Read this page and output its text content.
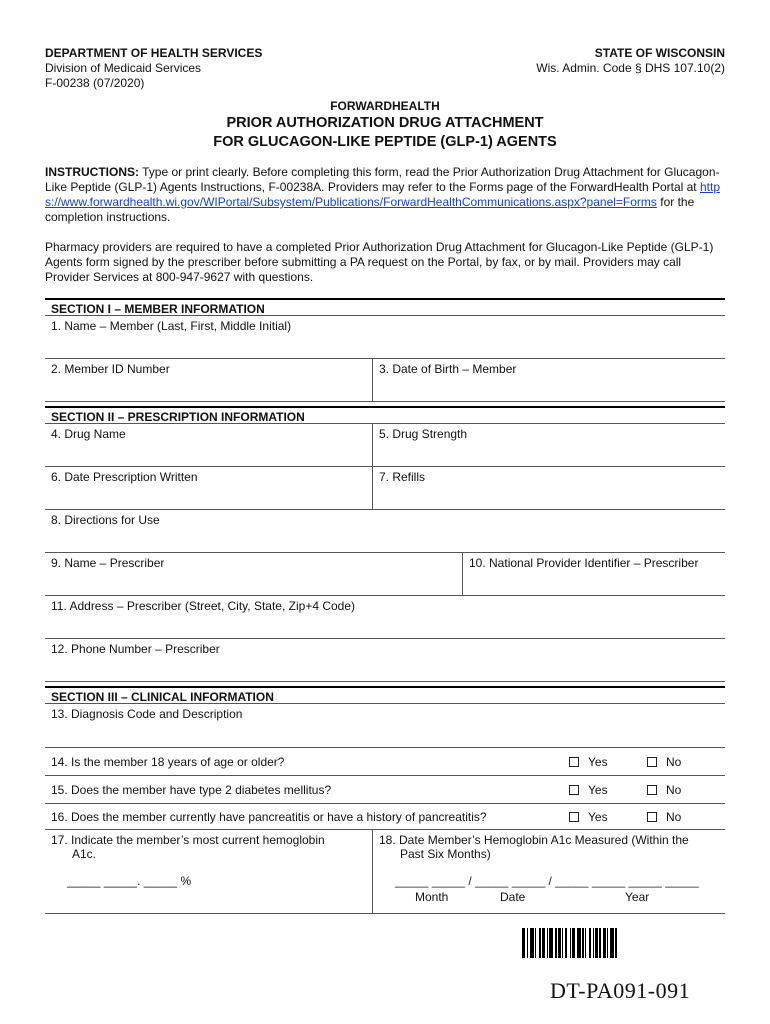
DEPARTMENT OF HEALTH SERVICES
Division of Medicaid Services
F-00238 (07/2020)
STATE OF WISCONSIN
Wis. Admin. Code § DHS 107.10(2)
FORWARDHEALTH
PRIOR AUTHORIZATION DRUG ATTACHMENT
FOR GLUCAGON-LIKE PEPTIDE (GLP-1) AGENTS
INSTRUCTIONS: Type or print clearly. Before completing this form, read the Prior Authorization Drug Attachment for Glucagon-Like Peptide (GLP-1) Agents Instructions, F-00238A. Providers may refer to the Forms page of the ForwardHealth Portal at https://www.forwardhealth.wi.gov/WIPortal/Subsystem/Publications/ForwardHealthCommunications.aspx?panel=Forms for the completion instructions.
Pharmacy providers are required to have a completed Prior Authorization Drug Attachment for Glucagon-Like Peptide (GLP-1) Agents form signed by the prescriber before submitting a PA request on the Portal, by fax, or by mail. Providers may call Provider Services at 800-947-9627 with questions.
SECTION I – MEMBER INFORMATION
1. Name – Member (Last, First, Middle Initial)
2. Member ID Number	3. Date of Birth – Member
SECTION II – PRESCRIPTION INFORMATION
4. Drug Name	5. Drug Strength
6. Date Prescription Written	7. Refills
8. Directions for Use
9. Name – Prescriber	10. National Provider Identifier – Prescriber
11. Address – Prescriber (Street, City, State, Zip+4 Code)
12. Phone Number – Prescriber
SECTION III – CLINICAL INFORMATION
13. Diagnosis Code and Description
14. Is the member 18 years of age or older?	Yes	No
15. Does the member have type 2 diabetes mellitus?	Yes	No
16. Does the member currently have pancreatitis or have a history of pancreatitis?	Yes	No
17. Indicate the member’s most current hemoglobin
A1c.
_____ _____. _____ %
18. Date Member’s Hemoglobin A1c Measured (Within the
Past Six Months)
_____ _____ / _____ _____ / _____ _____ _____ _____
Month	Date	Year
DT-PA091-091
